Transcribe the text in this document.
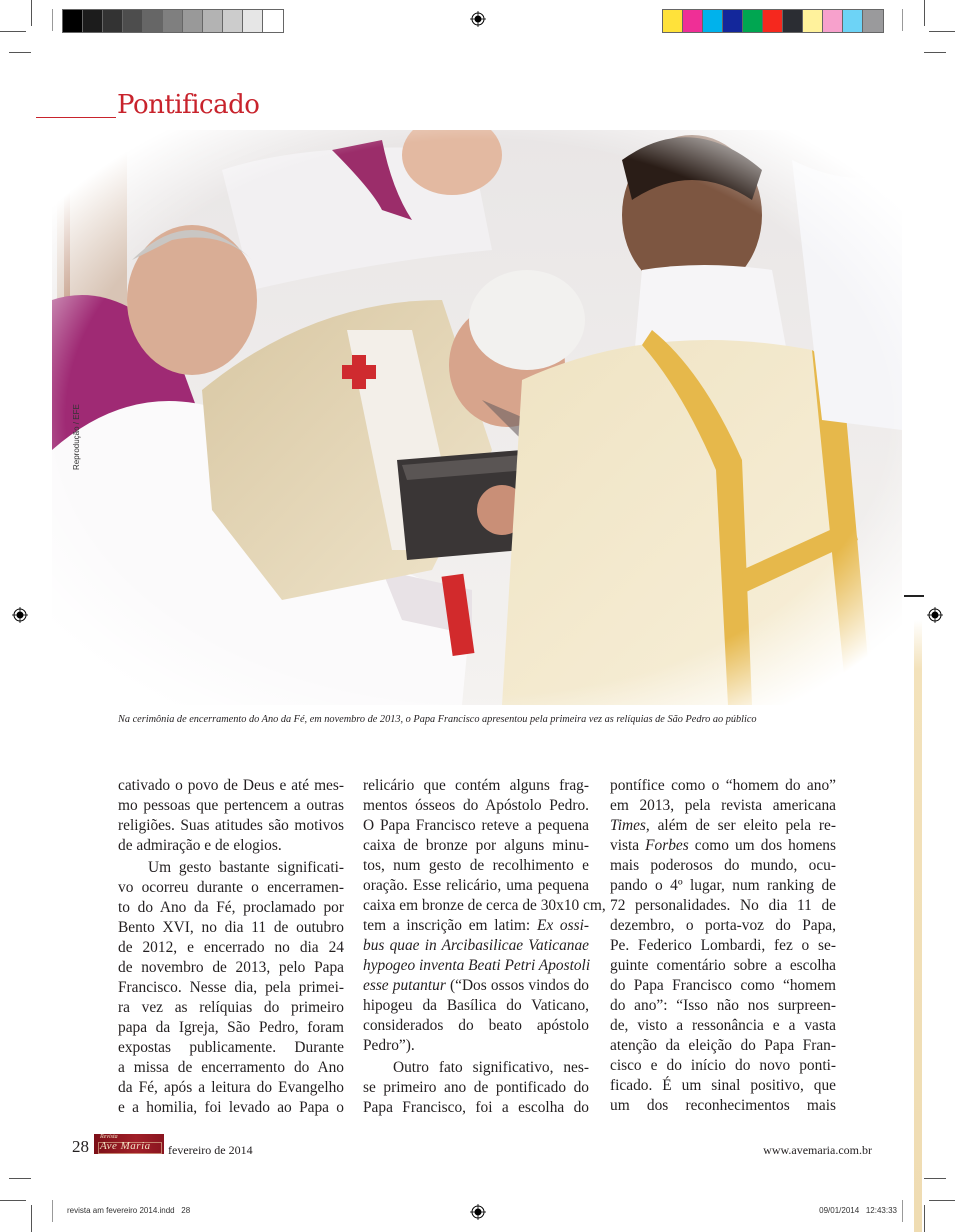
Pontificado
Reprodução / EFE
Na cerimônia de encerramento do Ano da Fé, em novembro de 2013, o Papa Francisco apresentou pela primeira vez as relíquias de São Pedro ao público
cativado o povo de Deus e até mes-
mo pessoas que pertencem a outras
religiões. Suas atitudes são motivos
de admiração e de elogios.
Um gesto bastante significati-
vo ocorreu durante o encerramen-
to do Ano da Fé, proclamado por
Bento XVI, no dia 11 de outubro
de 2012, e encerrado no dia 24
de novembro de 2013, pelo Papa
Francisco. Nesse dia, pela primei-
ra vez as relíquias do primeiro
papa da Igreja, São Pedro, foram
expostas publicamente. Durante
a missa de encerramento do Ano
da Fé, após a leitura do Evangelho
e a homilia, foi levado ao Papa o
relicário que contém alguns frag-
mentos ósseos do Apóstolo Pedro.
O Papa Francisco reteve a pequena
caixa de bronze por alguns minu-
tos, num gesto de recolhimento e
oração. Esse relicário, uma pequena
caixa em bronze de cerca de 30x10 cm,
tem a inscrição em latim: Ex ossi-
bus quae in Arcibasilicae Vaticanae
hypogeo inventa Beati Petri Apostoli
esse putantur (“Dos ossos vindos do
hipogeu da Basílica do Vaticano,
considerados do beato apóstolo
Pedro”).
Outro fato significativo, nes-
se primeiro ano de pontificado do
Papa Francisco, foi a escolha do
pontífice como o “homem do ano”
em 2013, pela revista americana
Times, além de ser eleito pela re-
vista Forbes como um dos homens
mais poderosos do mundo, ocu-
pando o 4º lugar, num ranking de
72 personalidades. No dia 11 de
dezembro, o porta-voz do Papa,
Pe. Federico Lombardi, fez o se-
guinte comentário sobre a escolha
do Papa Francisco como “homem
do ano”: “Isso não nos surpreen-
de, visto a ressonância e a vasta
atenção da eleição do Papa Fran-
cisco e do início do novo ponti-
ficado. É um sinal positivo, que
um dos reconhecimentos mais
28 Revista
Ave Maria fevereiro de 2014	www.avemaria.com.br
revista am fevereiro 2014.indd   28	09/01/2014   12:43:33
